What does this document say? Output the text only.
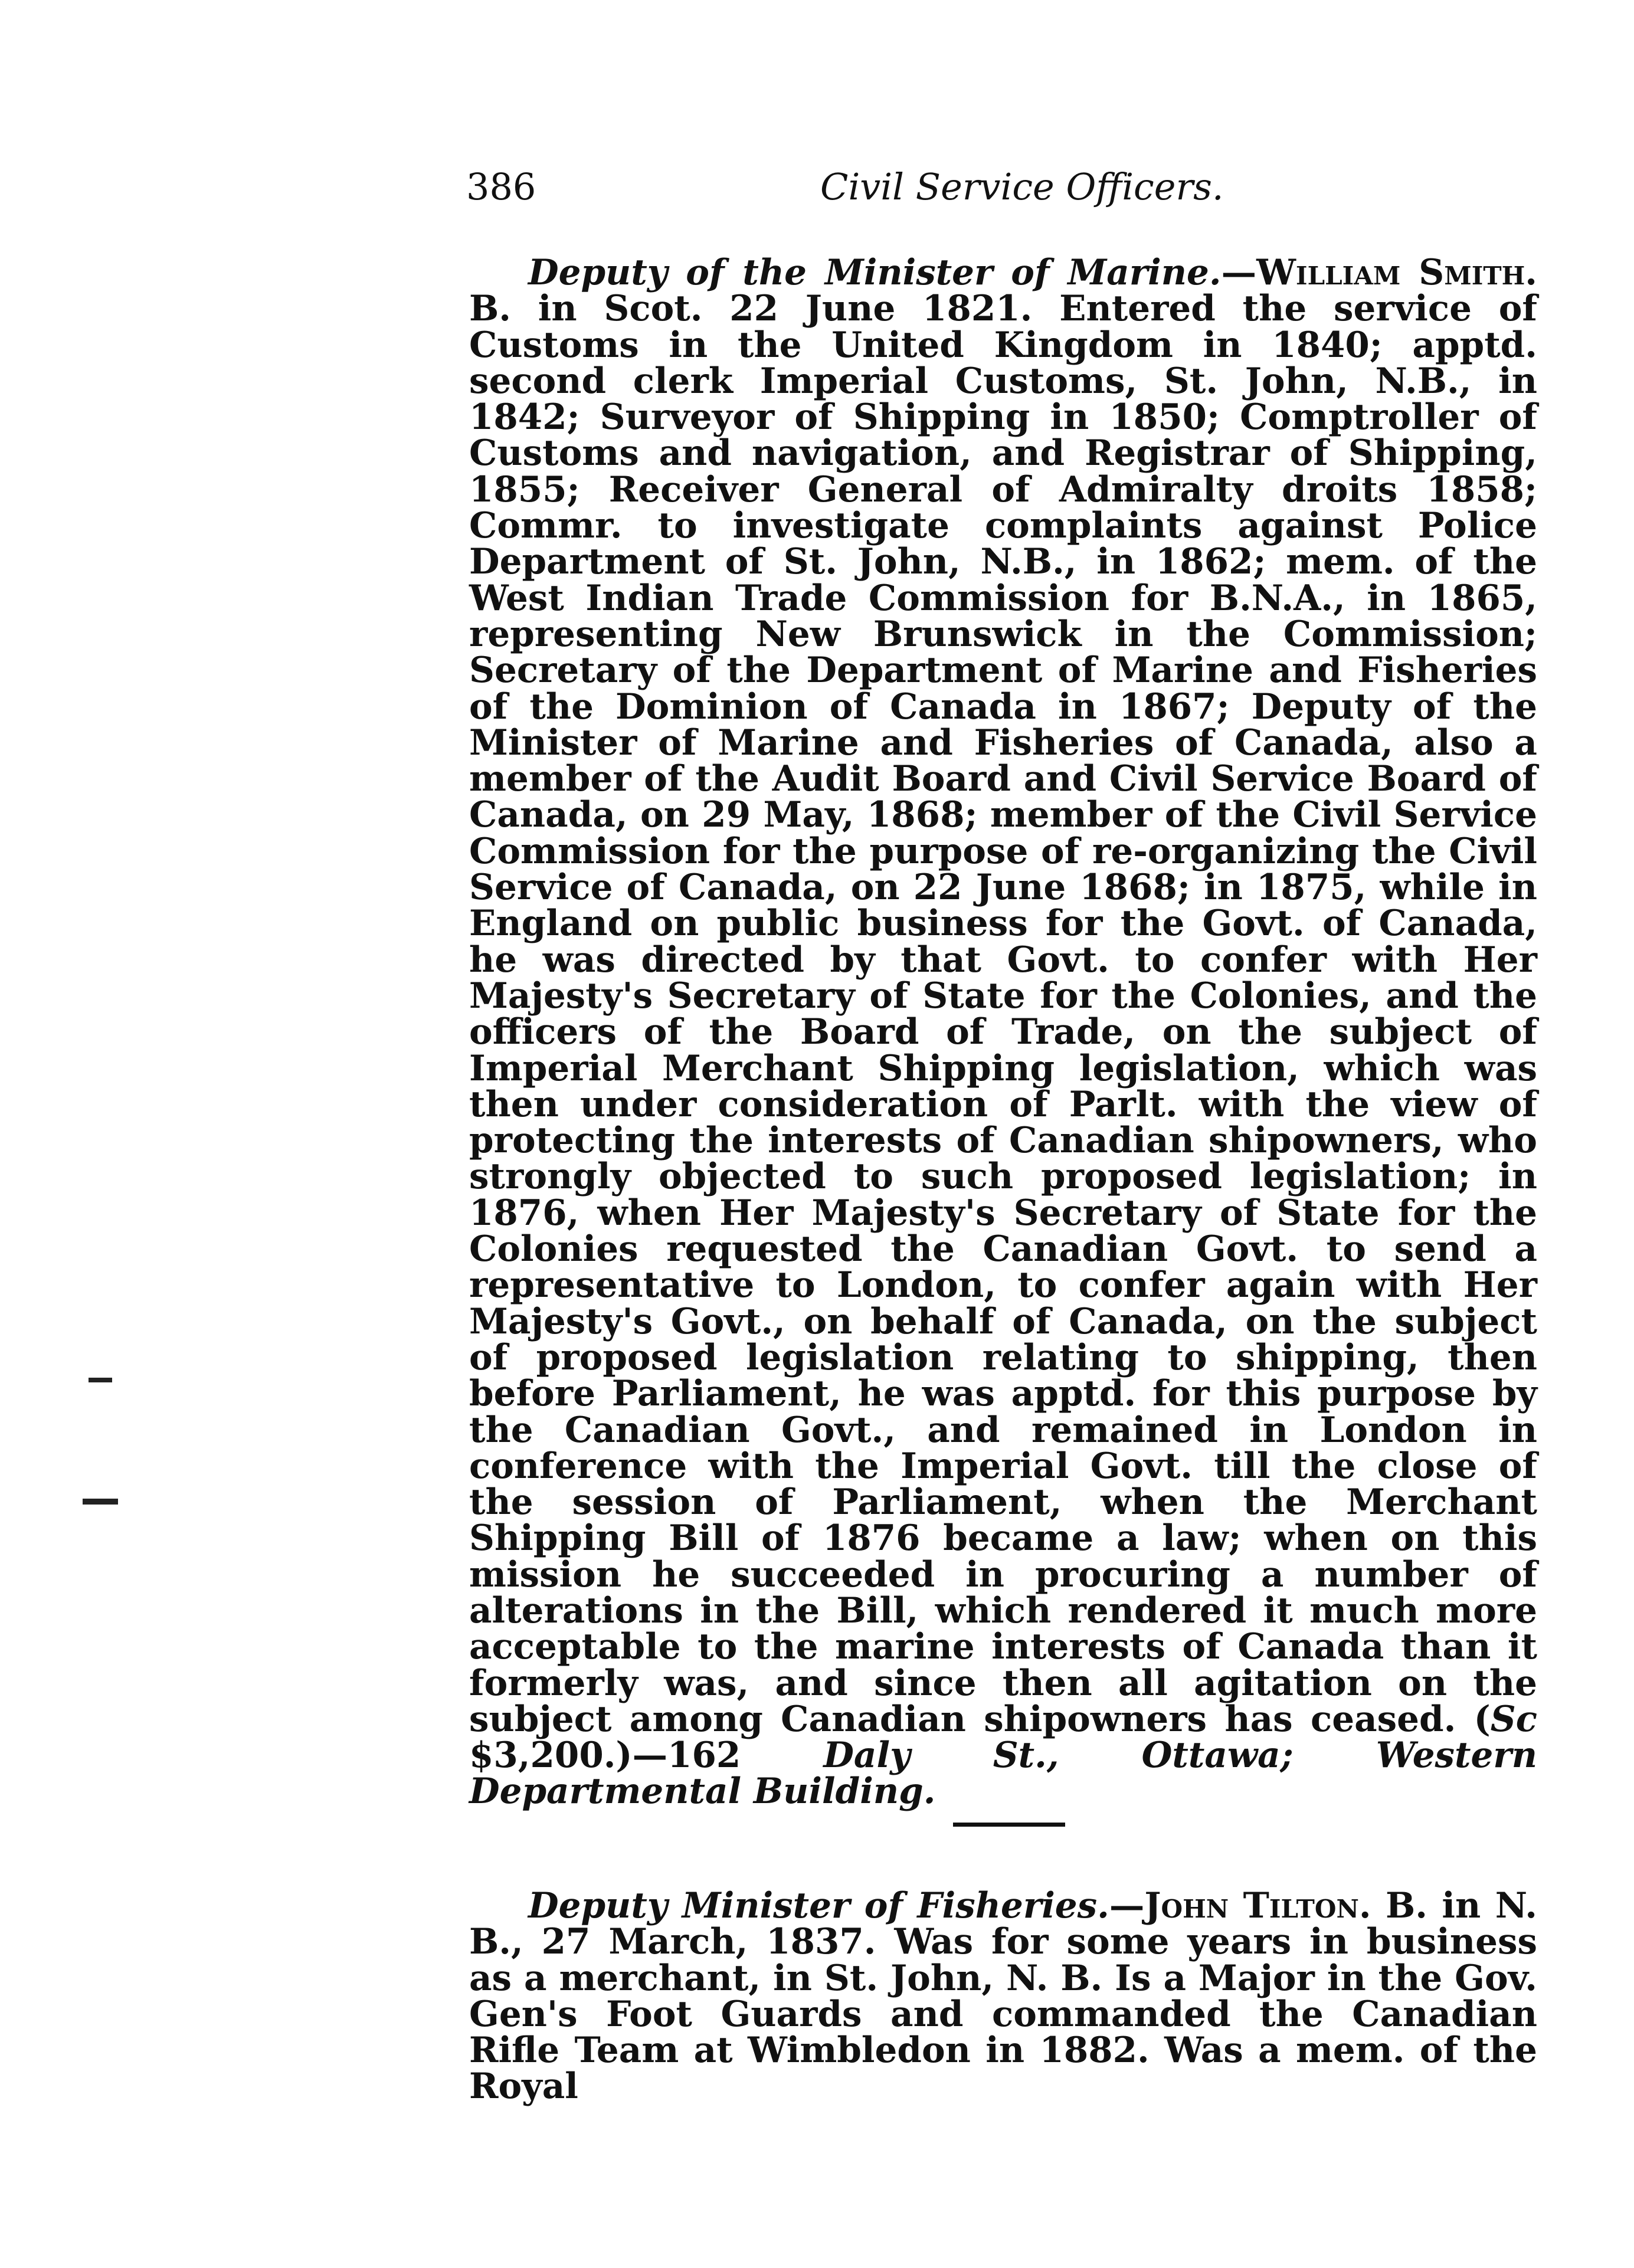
386	Civil Service Officers.

Deputy of the Minister of Marine.—William Smith. B. in Scot. 22 June 1821. Entered the service of Customs in the United Kingdom in 1840; apptd. second clerk Imperial Customs, St. John, N.B., in 1842; Surveyor of Shipping in 1850; Comptroller of Customs and navigation, and Registrar of Shipping, 1855; Receiver General of Admiralty droits 1858; Commr. to investigate complaints against Police Department of St. John, N.B., in 1862; mem. of the West Indian Trade Commission for B.N.A., in 1865, representing New Brunswick in the Commission; Secretary of the Department of Marine and Fisheries of the Dominion of Canada in 1867; Deputy of the Minister of Marine and Fisheries of Canada, also a member of the Audit Board and Civil Service Board of Canada, on 29 May, 1868; member of the Civil Service Commission for the purpose of re-organizing the Civil Service of Canada, on 22 June 1868; in 1875, while in England on public business for the Govt. of Canada, he was directed by that Govt. to confer with Her Majesty's Secretary of State for the Colonies, and the officers of the Board of Trade, on the subject of Imperial Merchant Shipping legislation, which was then under consideration of Parlt. with the view of protecting the interests of Canadian shipowners, who strongly objected to such proposed legislation; in 1876, when Her Majesty's Secretary of State for the Colonies requested the Canadian Govt. to send a representative to London, to confer again with Her Majesty's Govt., on behalf of Canada, on the subject of proposed legislation relating to shipping, then before Parliament, he was apptd. for this purpose by the Canadian Govt., and remained in London in conference with the Imperial Govt. till the close of the session of Parliament, when the Merchant Shipping Bill of 1876 became a law; when on this mission he succeeded in procuring a number of alterations in the Bill, which rendered it much more acceptable to the marine interests of Canada than it formerly was, and since then all agitation on the subject among Canadian shipowners has ceased. (Sc $3,200.)—162 Daly St., Ottawa; Western Departmental Building.

Deputy Minister of Fisheries.—John Tilton. B. in N. B., 27 March, 1837. Was for some years in business as a merchant, in St. John, N. B. Is a Major in the Gov. Gen's Foot Guards and commanded the Canadian Rifle Team at Wimbledon in 1882. Was a mem. of the Royal
